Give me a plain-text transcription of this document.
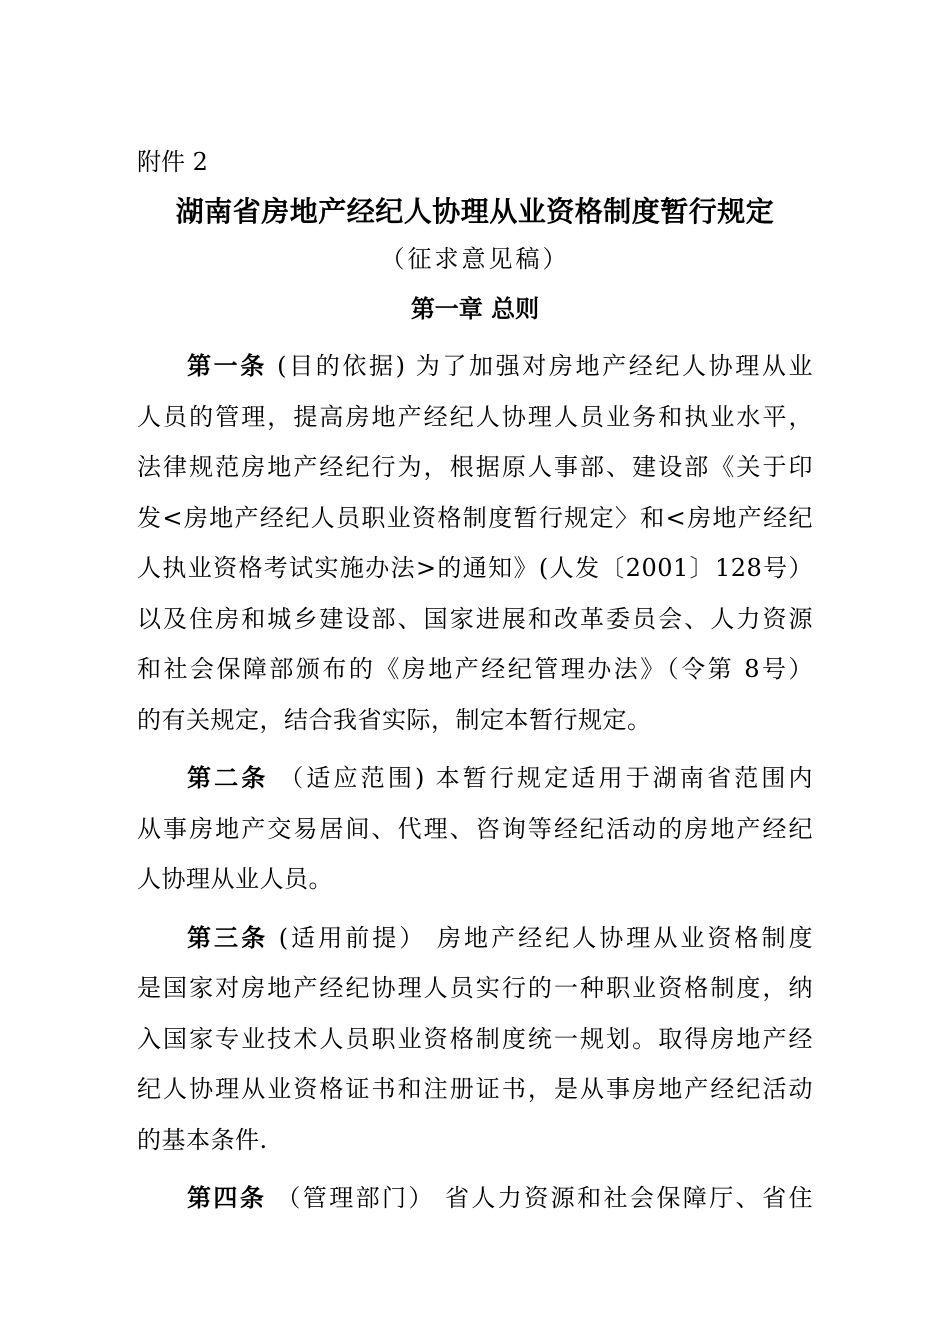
附件 2
湖南省房地产经纪人协理从业资格制度暂行规定
（征求意见稿）
第一章 总则
第一条 (目的依据) 为了加强对房地产经纪人协理从业
人员的管理，提高房地产经纪人协理人员业务和执业水平，
法律规范房地产经纪行为，根据原人事部、建设部《关于印
发<房地产经纪人员职业资格制度暂行规定〉和<房地产经纪
人执业资格考试实施办法>的通知》(人发〔2001〕128号）
以及住房和城乡建设部、国家进展和改革委员会、人力资源
和社会保障部颁布的《房地产经纪管理办法》（令第 8号）
的有关规定，结合我省实际，制定本暂行规定。
第二条 （适应范围) 本暂行规定适用于湖南省范围内
从事房地产交易居间、代理、咨询等经纪活动的房地产经纪
人协理从业人员。
第三条 (适用前提） 房地产经纪人协理从业资格制度
是国家对房地产经纪协理人员实行的一种职业资格制度，纳
入国家专业技术人员职业资格制度统一规划。取得房地产经
纪人协理从业资格证书和注册证书，是从事房地产经纪活动
的基本条件.
第四条 （管理部门） 省人力资源和社会保障厅、省住
